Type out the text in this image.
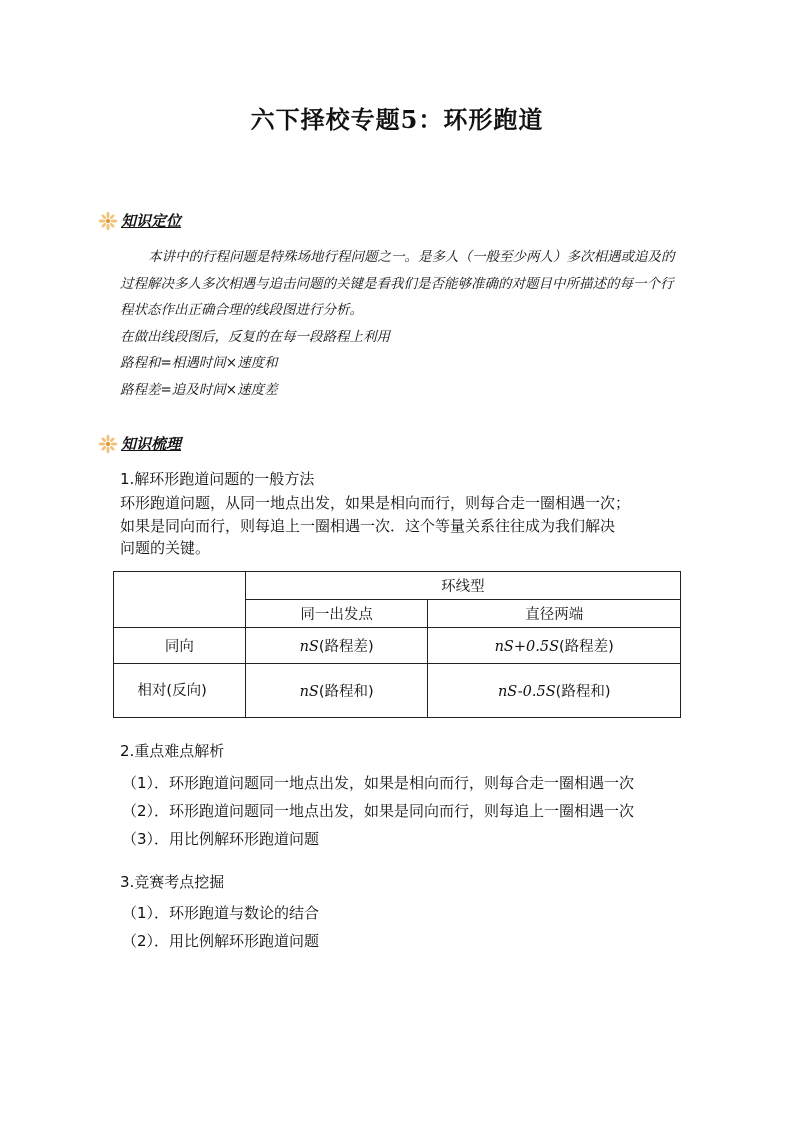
六下择校专题5：环形跑道
知识定位

本讲中的行程问题是特殊场地行程问题之一。是多人（一般至少两人）多次相遇或追及的过程解决多人多次相遇与追击问题的关键是看我们是否能够准确的对题目中所描述的每一个行程状态作出正确合理的线段图进行分析。

在做出线段图后，反复的在每一段路程上利用

路程和=相遇时间×速度和

路程差=追及时间×速度差

知识梳理
1.解环形跑道问题的一般方法

环形跑道问题，从同一地点出发，如果是相向而行，则每合走一圈相遇一次；

如果是同向而行，则每追上一圈相遇一次．这个等量关系往往成为我们解决

问题的关键。

	环线型	
	同一出发点	直径两端
同向	nS(路程差)	nS+0.5S(路程差)

相对(反向)	nS(路程和)	nS-0.5S(路程和)
2.重点难点解析

（1）．环形跑道问题同一地点出发，如果是相向而行，则每合走一圈相遇一次

（2）．环形跑道问题同一地点出发，如果是同向而行，则每追上一圈相遇一次

（3）．用比例解环形跑道问题

3.竞赛考点挖掘

（1）．环形跑道与数论的结合

（2）．用比例解环形跑道问题
